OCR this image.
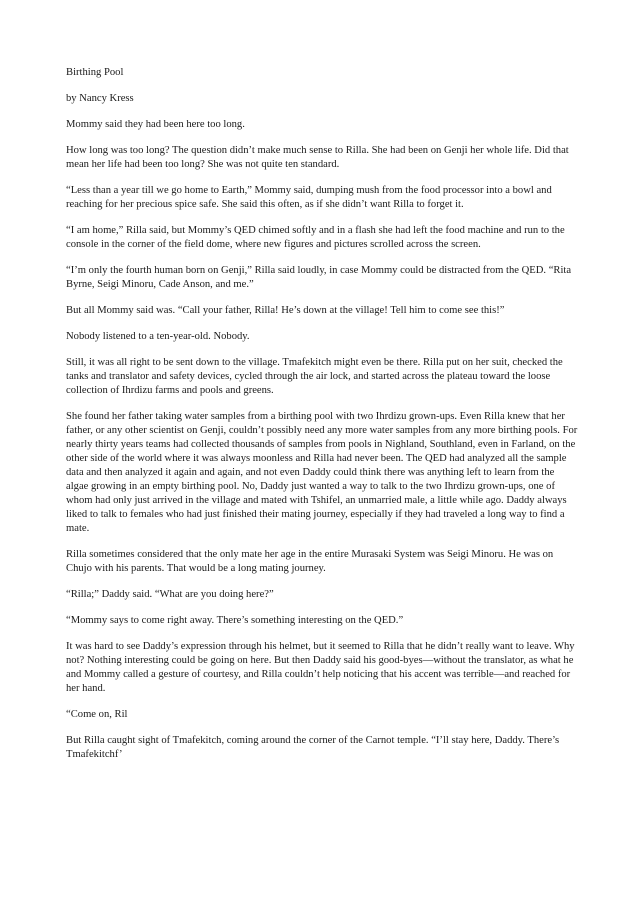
Birthing Pool

by Nancy Kress

Mommy said they had been here too long.

How long was too long? The question didn’t make much sense to Rilla. She had been on Genji her whole life. Did that mean her life had been too long? She was not quite ten standard.

“Less than a year till we go home to Earth,” Mommy said, dumping mush from the food processor into a bowl and reaching for her precious spice safe. She said this often, as if she didn’t want Rilla to forget it.

“I am home,” Rilla said, but Mommy’s QED chimed softly and in a flash she had left the food machine and run to the console in the corner of the field dome, where new figures and pictures scrolled across the screen.

“I’m only the fourth human born on Genji,” Rilla said loudly, in case Mommy could be distracted from the QED. “Rita Byrne, Seigi Minoru, Cade Anson, and me.”

But all Mommy said was. “Call your father, Rilla! He’s down at the village! Tell him to come see this!”

Nobody listened to a ten-year-old. Nobody.

Still, it was all right to be sent down to the village. Tmafekitch might even be there. Rilla put on her suit, checked the tanks and translator and safety devices, cycled through the air lock, and started across the plateau toward the loose collection of Ihrdizu farms and pools and greens.

She found her father taking water samples from a birthing pool with two Ihrdizu grown-ups. Even Rilla knew that her father, or any other scientist on Genji, couldn’t possibly need any more water samples from any more birthing pools. For nearly thirty years teams had collected thousands of samples from pools in Nighland, Southland, even in Farland, on the other side of the world where it was always moonless and Rilla had never been. The QED had analyzed all the sample data and then analyzed it again and again, and not even Daddy could think there was anything left to learn from the algae growing in an empty birthing pool. No, Daddy just wanted a way to talk to the two Ihrdizu grown-ups, one of whom had only just arrived in the village and mated with Tshifel, an unmarried male, a little while ago. Daddy always liked to talk to females who had just finished their mating journey, especially if they had traveled a long way to find a mate.

Rilla sometimes considered that the only mate her age in the entire Murasaki System was Seigi Minoru. He was on Chujo with his parents. That would be a long mating journey.

“Rilla;” Daddy said. “What are you doing here?”

“Mommy says to come right away. There’s something interesting on the QED.”

It was hard to see Daddy’s expression through his helmet, but it seemed to Rilla that he didn’t really want to leave. Why not? Nothing interesting could be going on here. But then Daddy said his good-byes—without the translator, as what he and Mommy called a gesture of courtesy, and Rilla couldn’t help noticing that his accent was terrible—and reached for her hand.

“Come on, Ril

But Rilla caught sight of Tmafekitch, coming around the corner of the Carnot temple. “I’ll stay here, Daddy. There’s Tmafekitchf’
